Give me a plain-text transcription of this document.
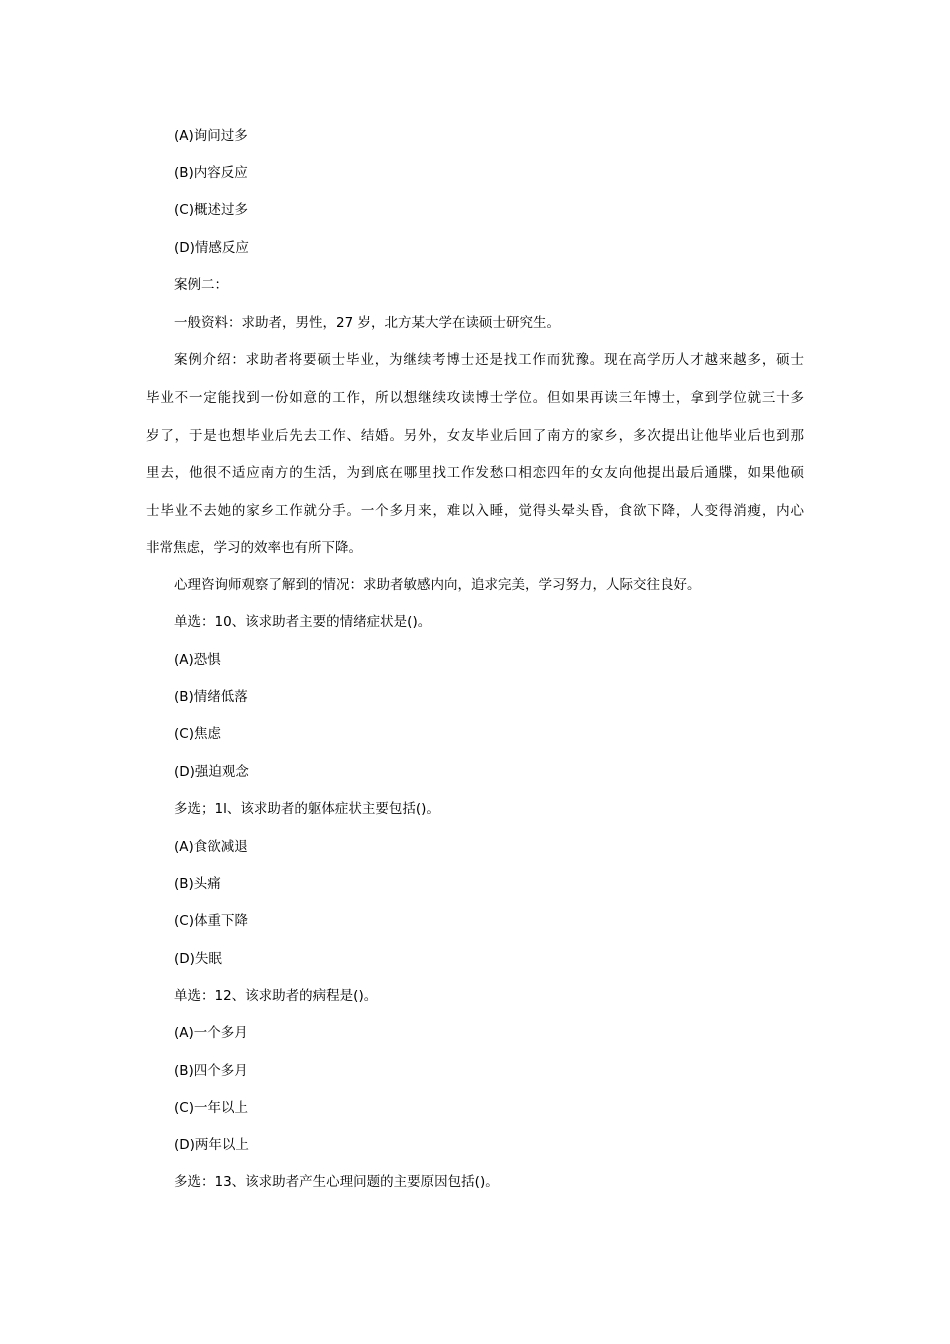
(A)询问过多
(B)内容反应
(C)概述过多
(D)情感反应
案例二：
一般资料：求助者，男性，27 岁，北方某大学在读硕士研究生。
案例介绍：求助者将要硕士毕业，为继续考博士还是找工作而犹豫。现在高学历人才越来越多，硕士
毕业不一定能找到一份如意的工作，所以想继续攻读博士学位。但如果再读三年博士，拿到学位就三十多
岁了，于是也想毕业后先去工作、结婚。另外，女友毕业后回了南方的家乡，多次提出让他毕业后也到那
里去，他很不适应南方的生活，为到底在哪里找工作发愁口相恋四年的女友向他提出最后通牒，如果他硕
士毕业不去她的家乡工作就分手。一个多月来，难以入睡，觉得头晕头昏，食欲下降，人变得消瘦，内心
非常焦虑，学习的效率也有所下降。
心理咨询师观察了解到的情况：求助者敏感内向，追求完美，学习努力，人际交往良好。
单选：10、该求助者主要的情绪症状是()。
(A)恐惧
(B)情绪低落
(C)焦虑
(D)强迫观念
多选；1l、该求助者的躯体症状主要包括()。
(A)食欲减退
(B)头痛
(C)体重下降
(D)失眠
单选：12、该求助者的病程是()。
(A)一个多月
(B)四个多月
(C)一年以上
(D)两年以上
多选：13、该求助者产生心理问题的主要原因包括()。
